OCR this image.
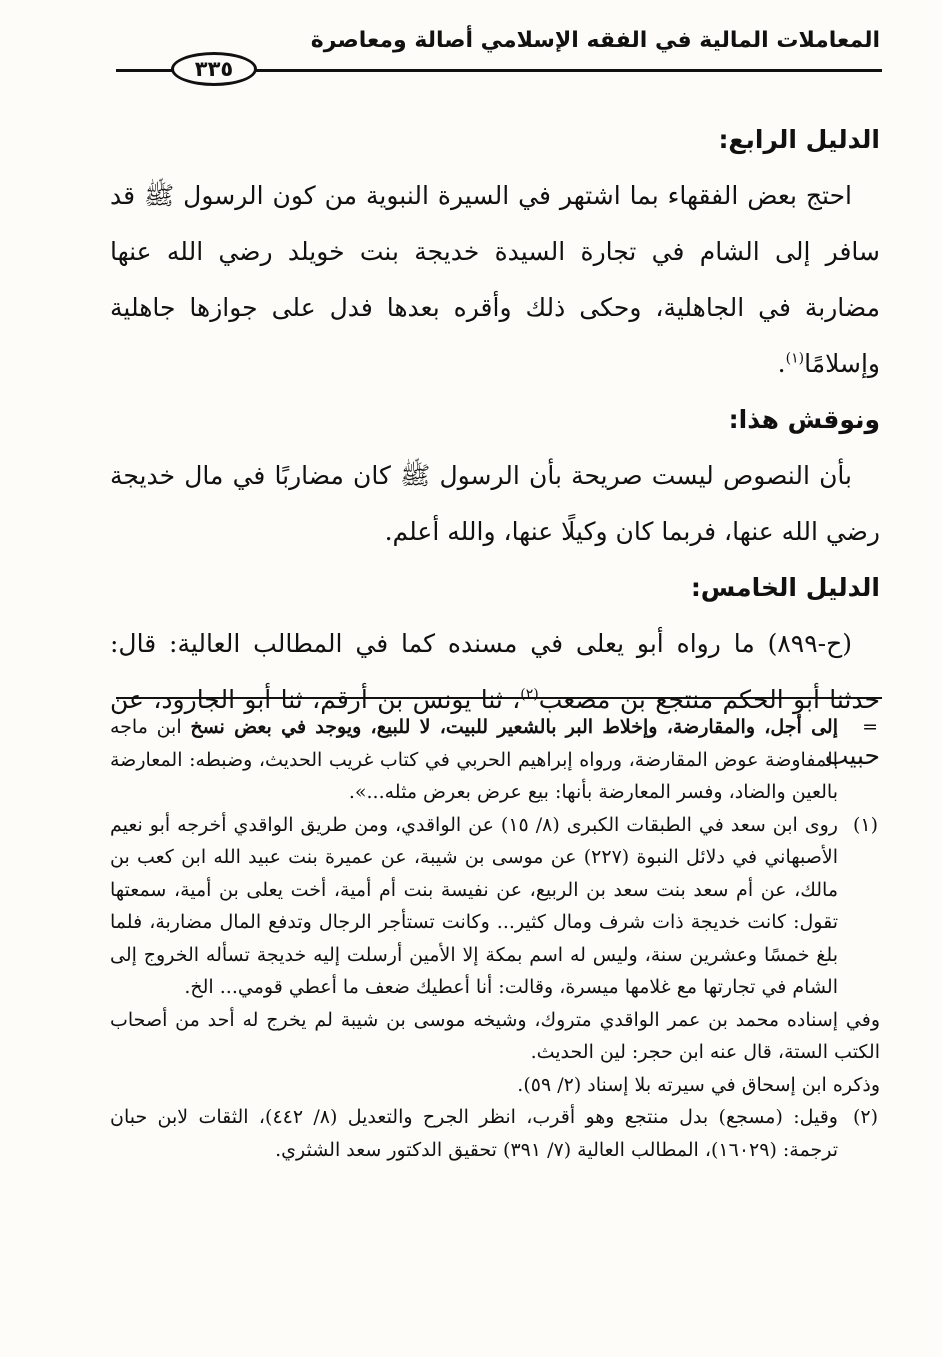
المعاملات المالية في الفقه الإسلامي أصالة ومعاصرة
٣٣٥
الدليل الرابع:

احتج بعض الفقهاء بما اشتهر في السيرة النبوية من كون الرسول ﷺ قد سافر إلى الشام في تجارة السيدة خديجة بنت خويلد رضي الله عنها مضاربة في الجاهلية، وحكى ذلك وأقره بعدها فدل على جوازها جاهلية وإسلامًا$^{(١)}$.

ونوقش هذا:

بأن النصوص ليست صريحة بأن الرسول ﷺ كان مضاربًا في مال خديجة رضي الله عنها، فربما كان وكيلًا عنها، والله أعلم.

الدليل الخامس:

(ح-٨٩٩) ما رواه أبو يعلى في مسنده كما في المطالب العالية: قال: حدثنا أبو الحكم منتجع بن مصعب$^{(٢)}$، ثنا يونس بن أرقم، ثنا أبو الجارود، عن حبيب

=
إلى أجل، والمقارضة، وإخلاط البر بالشعير للبيت، لا للبيع، ويوجد في بعض نسخ ابن ماجه المفاوضة عوض المقارضة، ورواه إبراهيم الحربي في كتاب غريب الحديث، وضبطه: المعارضة بالعين والضاد، وفسر المعارضة بأنها: بيع عرض بعرض مثله...».
(١)
روى ابن سعد في الطبقات الكبرى (٨/ ١٥) عن الواقدي، ومن طريق الواقدي أخرجه أبو نعيم الأصبهاني في دلائل النبوة (٢٢٧) عن موسى بن شيبة، عن عميرة بنت عبيد الله ابن كعب بن مالك، عن أم سعد بنت سعد بن الربيع، عن نفيسة بنت أم أمية، أخت يعلى بن أمية، سمعتها تقول: كانت خديجة ذات شرف ومال كثير... وكانت تستأجر الرجال وتدفع المال مضاربة، فلما بلغ خمسًا وعشرين سنة، وليس له اسم بمكة إلا الأمين أرسلت إليه خديجة تسأله الخروج إلى الشام في تجارتها مع غلامها ميسرة، وقالت: أنا أعطيك ضعف ما أعطي قومي... الخ.
وفي إسناده محمد بن عمر الواقدي متروك، وشيخه موسى بن شيبة لم يخرج له أحد من أصحاب الكتب الستة، قال عنه ابن حجر: لين الحديث.
وذكره ابن إسحاق في سيرته بلا إسناد (٢/ ٥٩).
(٢)
وقيل: (مسجع) بدل منتجع وهو أقرب، انظر الجرح والتعديل (٨/ ٤٤٢)، الثقات لابن حبان ترجمة: (١٦٠٢٩)، المطالب العالية (٧/ ٣٩١) تحقيق الدكتور سعد الشثري.
